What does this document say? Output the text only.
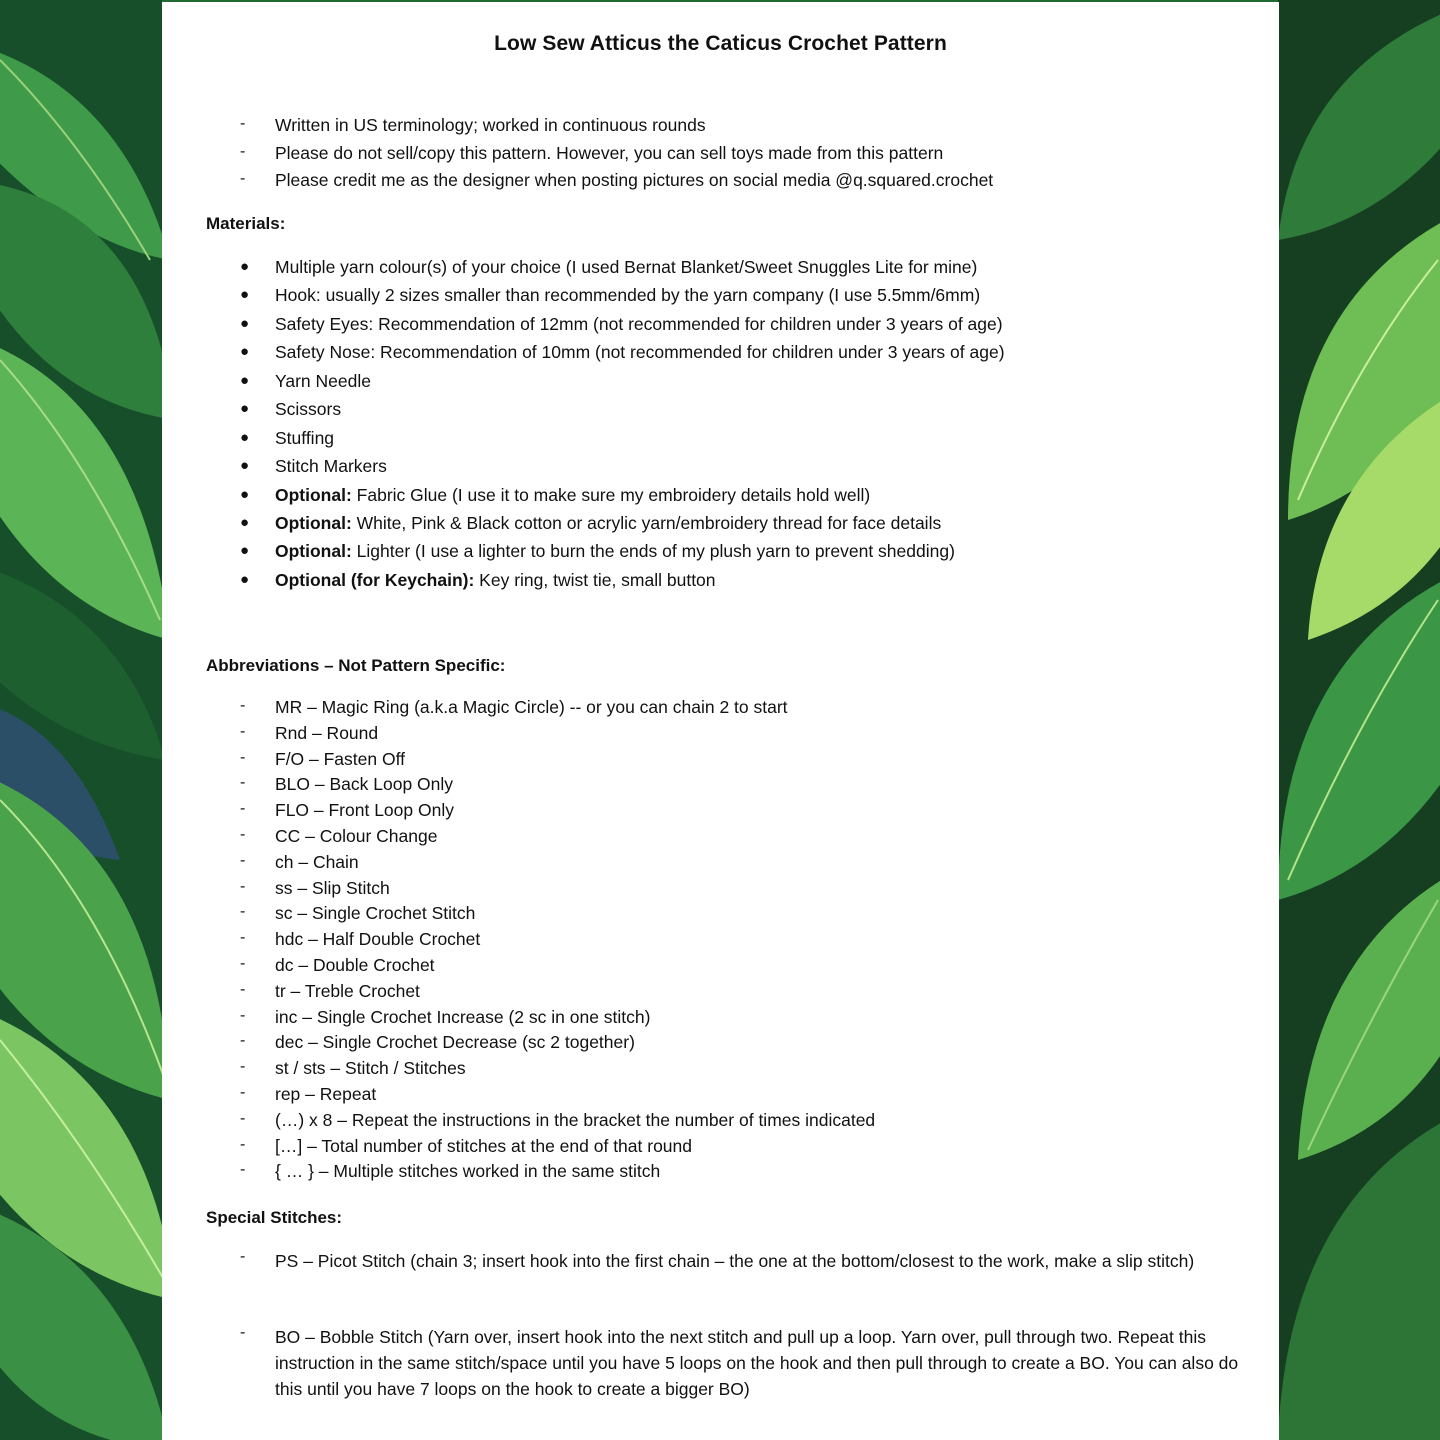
Low Sew Atticus the Caticus Crochet Pattern
- Written in US terminology; worked in continuous rounds
- Please do not sell/copy this pattern. However, you can sell toys made from this pattern
- Please credit me as the designer when posting pictures on social media @q.squared.crochet
Materials:
● Multiple yarn colour(s) of your choice (I used Bernat Blanket/Sweet Snuggles Lite for mine)
● Hook: usually 2 sizes smaller than recommended by the yarn company (I use 5.5mm/6mm)
● Safety Eyes: Recommendation of 12mm (not recommended for children under 3 years of age)
● Safety Nose: Recommendation of 10mm (not recommended for children under 3 years of age)
● Yarn Needle
● Scissors
● Stuffing
● Stitch Markers
● Optional: Fabric Glue (I use it to make sure my embroidery details hold well)
● Optional: White, Pink & Black cotton or acrylic yarn/embroidery thread for face details
● Optional: Lighter (I use a lighter to burn the ends of my plush yarn to prevent shedding)
● Optional (for Keychain): Key ring, twist tie, small button
Abbreviations – Not Pattern Specific:
- MR – Magic Ring (a.k.a Magic Circle) -- or you can chain 2 to start
- Rnd – Round
- F/O – Fasten Off
- BLO – Back Loop Only
- FLO – Front Loop Only
- CC – Colour Change
- ch – Chain
- ss – Slip Stitch
- sc – Single Crochet Stitch
- hdc – Half Double Crochet
- dc – Double Crochet
- tr – Treble Crochet
- inc – Single Crochet Increase (2 sc in one stitch)
- dec – Single Crochet Decrease (sc 2 together)
- st / sts – Stitch / Stitches
- rep – Repeat
- (…) x 8 – Repeat the instructions in the bracket the number of times indicated
- […] – Total number of stitches at the end of that round
- { … } – Multiple stitches worked in the same stitch
Special Stitches:
- PS – Picot Stitch (chain 3; insert hook into the first chain – the one at the bottom/closest to the work, make a slip stitch)
- BO – Bobble Stitch (Yarn over, insert hook into the next stitch and pull up a loop. Yarn over, pull through two. Repeat this instruction in the same stitch/space until you have 5 loops on the hook and then pull through to create a BO. You can also do this until you have 7 loops on the hook to create a bigger BO)
